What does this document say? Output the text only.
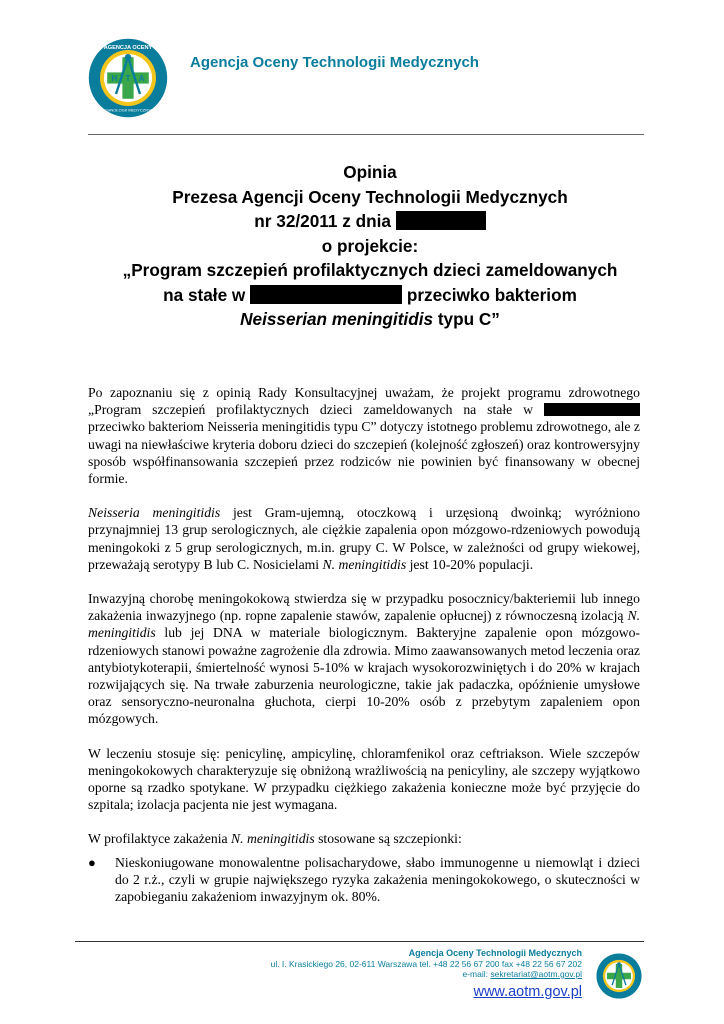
H T A
AGENCJA OCENY
TECHNOLOGII MEDYCZNYCH
Agencja Oceny Technologii Medycznych
Opinia
Prezesa Agencji Oceny Technologii Medycznych
nr 32/2011 z dnia
o projekcie:
„Program szczepień profilaktycznych dzieci zameldowanych
na stałe w	przeciwko bakteriom
Neisserian meningitidis typu C”

Po zapoznaniu się z opinią Rady Konsultacyjnej uważam, że projekt programu zdrowotnego „Program szczepień profilaktycznych dzieci zameldowanych na stałe w  przeciwko bakteriom Neisseria meningitidis typu C” dotyczy istotnego problemu zdrowotnego, ale z uwagi na niewłaściwe kryteria doboru dzieci do szczepień (kolejność zgłoszeń) oraz kontrowersyjny sposób współfinansowania szczepień przez rodziców nie powinien być finansowany w obecnej formie.

Neisseria meningitidis jest Gram-ujemną, otoczkową i urzęsioną dwoinką; wyróżniono przynajmniej 13 grup serologicznych, ale ciężkie zapalenia opon mózgowo-rdzeniowych powodują meningokoki z 5 grup serologicznych, m.in. grupy C. W Polsce, w zależności od grupy wiekowej, przeważają serotypy B lub C. Nosicielami N. meningitidis jest 10-20% populacji.

Inwazyjną chorobę meningokokową stwierdza się w przypadku posocznicy/bakteriemii lub innego zakażenia inwazyjnego (np. ropne zapalenie stawów, zapalenie opłucnej) z równoczesną izolacją N. meningitidis lub jej DNA w materiale biologicznym. Bakteryjne zapalenie opon mózgowo-rdzeniowych stanowi poważne zagrożenie dla zdrowia. Mimo zaawansowanych metod leczenia oraz antybiotykoterapii, śmiertelność wynosi 5-10% w krajach wysokorozwiniętych i do 20% w krajach rozwijających się. Na trwałe zaburzenia neurologiczne, takie jak padaczka, opóźnienie umysłowe oraz sensoryczno-neuronalna głuchota, cierpi 10-20% osób z przebytym zapaleniem opon mózgowych.

W leczeniu stosuje się: penicylinę, ampicylinę, chloramfenikol oraz ceftriakson. Wiele szczepów meningokokowych charakteryzuje się obniżoną wrażliwością na penicyliny, ale szczepy wyjątkowo oporne są rzadko spotykane. W przypadku ciężkiego zakażenia konieczne może być przyjęcie do szpitala; izolacja pacjenta nie jest wymagana.

W profilaktyce zakażenia N. meningitidis stosowane są szczepionki:

● Nieskoniugowane monowalentne polisacharydowe, słabo immunogenne u niemowląt i dzieci do 2 r.ż., czyli w grupie największego ryzyka zakażenia meningokokowego, o skuteczności w zapobieganiu zakażeniom inwazyjnym ok. 80%.
Agencja Oceny Technologii Medycznych
ul. I. Krasickiego 26, 02-611 Warszawa tel. +48 22 56 67 200 fax +48 22 56 67 202
e-mail: sekretariat@aotm.gov.pl
www.aotm.gov.pl
